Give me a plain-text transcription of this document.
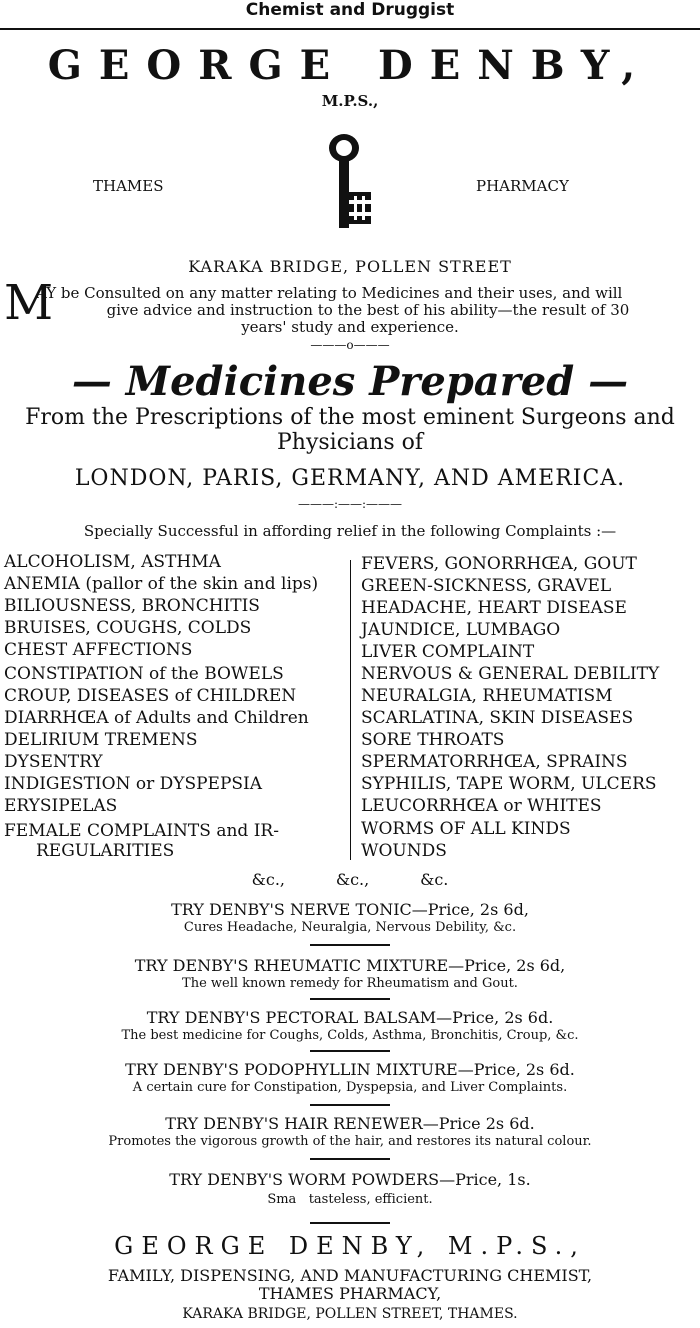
Chemist and Druggist
GEORGE DENBY,
M.P.S.,
THAMES	PHARMACY
KARAKA BRIDGE, POLLEN STREET
M
AY be Consulted on any matter relating to Medicines and their uses, and will
give advice and instruction to the best of his ability—the result of 30
years' study and experience.
———o———
— Medicines Prepared —
From the Prescriptions of the most eminent Surgeons and
Physicians of
LONDON, PARIS, GERMANY, AND AMERICA.
———:——:———
Specially Successful in affording relief in the following Complaints :—
ALCOHOLISM, ASTHMA
ANEMIA (pallor of the skin and lips)
BILIOUSNESS, BRONCHITIS
BRUISES, COUGHS, COLDS
CHEST AFFECTIONS
CONSTIPATION of the BOWELS
CROUP, DISEASES of CHILDREN
DIARRHŒA of Adults and Children
DELIRIUM TREMENS
DYSENTRY
INDIGESTION or DYSPEPSIA
ERYSIPELAS
FEMALE COMPLAINTS and IR-
REGULARITIES
FEVERS, GONORRHŒA, GOUT
GREEN-SICKNESS, GRAVEL
HEADACHE, HEART DISEASE
JAUNDICE, LUMBAGO
LIVER COMPLAINT
NERVOUS & GENERAL DEBILITY
NEURALGIA, RHEUMATISM
SCARLATINA, SKIN DISEASES
SORE THROATS
SPERMATORRHŒA, SPRAINS
SYPHILIS, TAPE WORM, ULCERS
LEUCORRHŒA or WHITES
WORMS OF ALL KINDS
WOUNDS
&c.,          &c.,          &c.
TRY DENBY'S NERVE TONIC—Price, 2s 6d,
Cures Headache, Neuralgia, Nervous Debility, &c.
TRY DENBY'S RHEUMATIC MIXTURE—Price, 2s 6d,
The well known remedy for Rheumatism and Gout.
TRY DENBY'S PECTORAL BALSAM—Price, 2s 6d.
The best medicine for Coughs, Colds, Asthma, Bronchitis, Croup, &c.
TRY DENBY'S PODOPHYLLIN MIXTURE—Price, 2s 6d.
A certain cure for Constipation, Dyspepsia, and Liver Complaints.
TRY DENBY'S HAIR RENEWER—Price 2s 6d.
Promotes the vigorous growth of the hair, and restores its natural colour.
TRY DENBY'S WORM POWDERS—Price, 1s.
Sma   tasteless, efficient.
GEORGE DENBY, M.P.S.,
FAMILY, DISPENSING, AND MANUFACTURING CHEMIST,
THAMES PHARMACY,
KARAKA BRIDGE, POLLEN STREET, THAMES.
